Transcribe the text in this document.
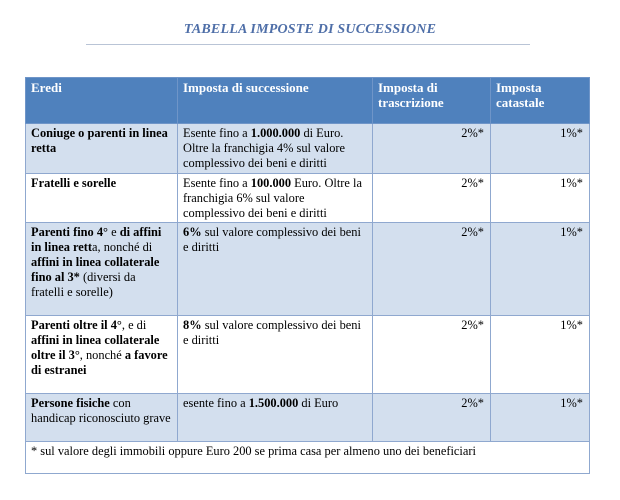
TABELLA IMPOSTE DI SUCCESSIONE
Eredi	Imposta di successione	Imposta di trascrizione	Imposta catastale
Coniuge o parenti in linea retta	Esente fino a 1.000.000 di Euro. Oltre la franchigia 4% sul valore complessivo dei beni e diritti	2%*	1%*
Fratelli e sorelle	Esente fino a 100.000 Euro. Oltre la franchigia 6% sul valore complessivo dei beni e diritti	2%*	1%*
Parenti fino 4° e di affini in linea retta, nonché di affini in linea collaterale fino al 3* (diversi da fratelli e sorelle)	6% sul valore complessivo dei beni e diritti	2%*	1%*
Parenti oltre il 4°, e di affini in linea collaterale oltre il 3°, nonché a favore di estranei	8% sul valore complessivo dei beni e diritti	2%*	1%*
Persone fisiche con handicap riconosciuto grave	esente fino a 1.500.000 di Euro	2%*	1%*
* sul valore degli immobili oppure Euro 200 se prima casa per almeno uno dei beneficiari			
